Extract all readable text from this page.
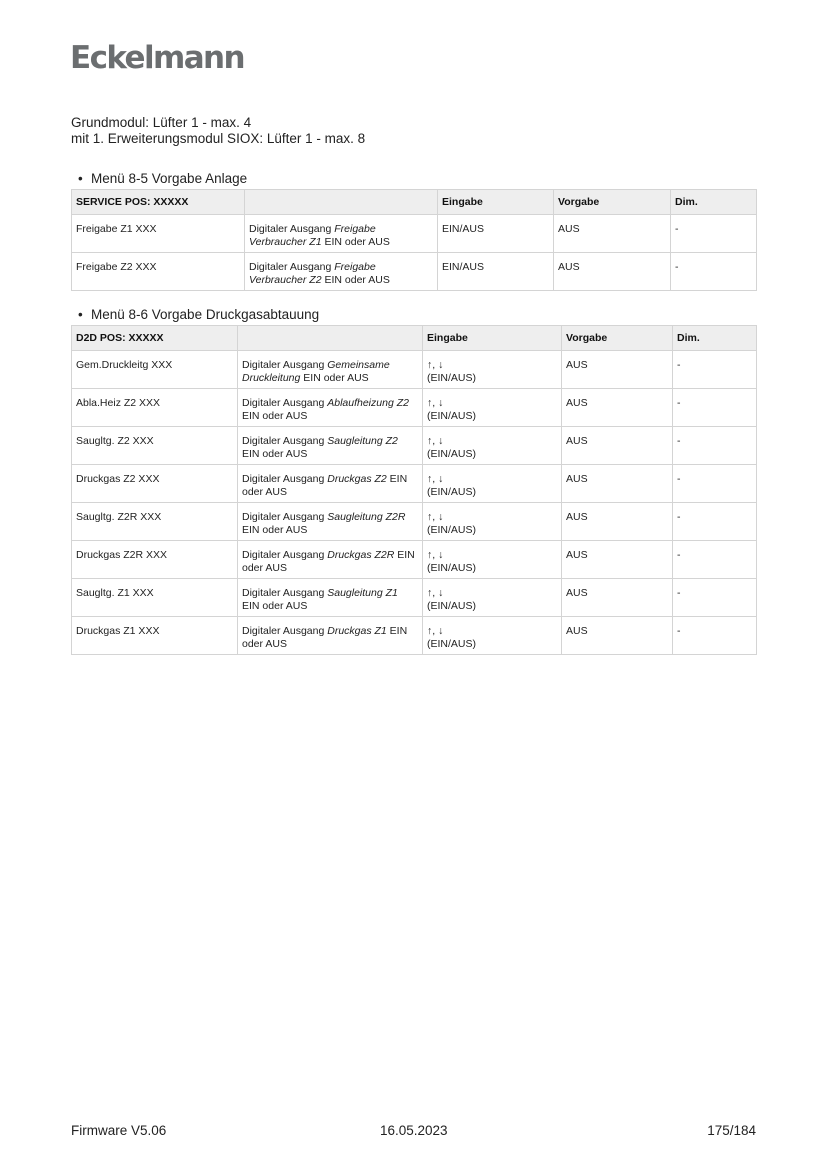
Eckelmann
Grundmodul: Lüfter 1 - max. 4
mit 1. Erweiterungsmodul SIOX: Lüfter 1 - max. 8
• Menü 8-5 Vorgabe Anlage
SERVICE POS: XXXXX		Eingabe	Vorgabe	Dim.
Freigabe Z1 XXX	Digitaler Ausgang Freigabe Verbraucher Z1 EIN oder AUS	EIN/AUS	AUS	-
Freigabe Z2 XXX	Digitaler Ausgang Freigabe Verbraucher Z2 EIN oder AUS	EIN/AUS	AUS	-
• Menü 8-6 Vorgabe Druckgasabtauung
D2D POS: XXXXX		Eingabe	Vorgabe	Dim.
Gem.Druckleitg XXX	Digitaler Ausgang Gemeinsame Druckleitung EIN oder AUS	↑, ↓
(EIN/AUS)	AUS	-
Abla.Heiz Z2 XXX	Digitaler Ausgang Ablaufheizung Z2 EIN oder AUS	↑, ↓
(EIN/AUS)	AUS	-
Saugltg. Z2 XXX	Digitaler Ausgang Saugleitung Z2 EIN oder AUS	↑, ↓
(EIN/AUS)	AUS	-
Druckgas Z2 XXX	Digitaler Ausgang Druckgas Z2 EIN oder AUS	↑, ↓
(EIN/AUS)	AUS	-
Saugltg. Z2R XXX	Digitaler Ausgang Saugleitung Z2R EIN oder AUS	↑, ↓
(EIN/AUS)	AUS	-
Druckgas Z2R XXX	Digitaler Ausgang Druckgas Z2R EIN oder AUS	↑, ↓
(EIN/AUS)	AUS	-
Saugltg. Z1 XXX	Digitaler Ausgang Saugleitung Z1 EIN oder AUS	↑, ↓
(EIN/AUS)	AUS	-
Druckgas Z1 XXX	Digitaler Ausgang Druckgas Z1 EIN oder AUS	↑, ↓
(EIN/AUS)	AUS	-
Firmware V5.06	16.05.2023	175/184
